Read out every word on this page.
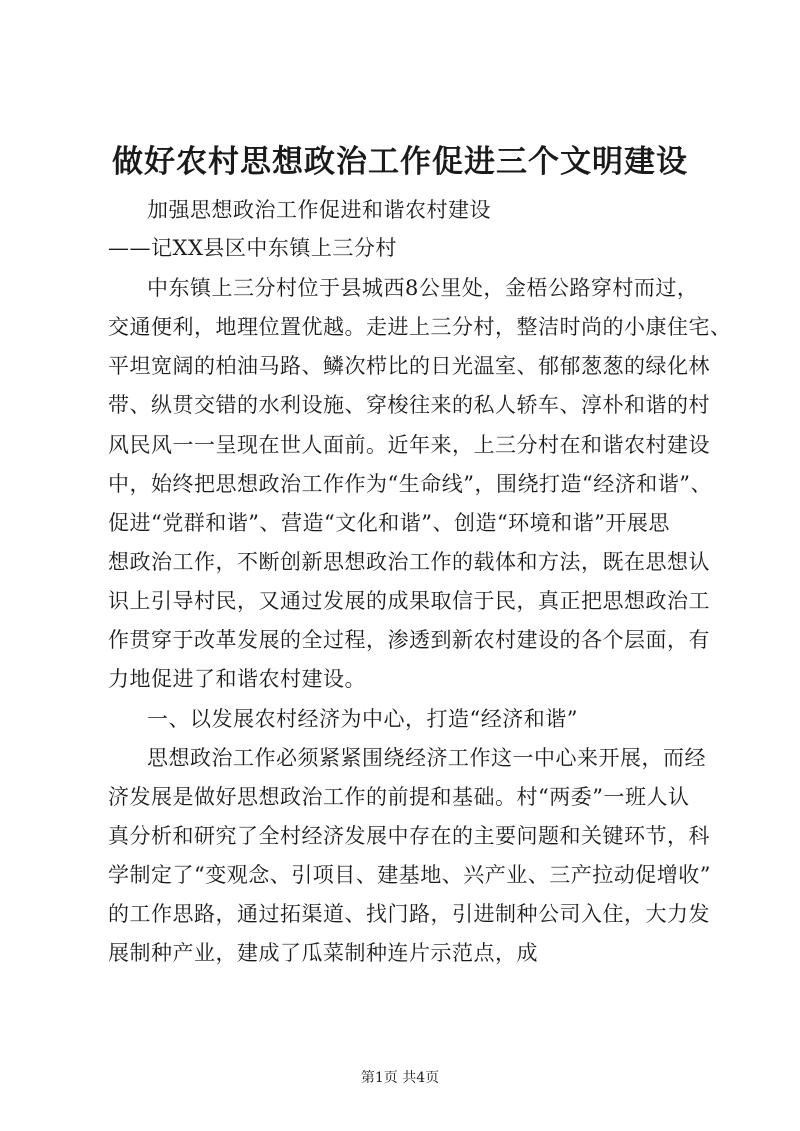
做好农村思想政治工作促进三个文明建设
加强思想政治工作促进和谐农村建设
——记XX县区中东镇上三分村
中东镇上三分村位于县城西8公里处，金梧公路穿村而过，
交通便利，地理位置优越。走进上三分村，整洁时尚的小康住宅、
平坦宽阔的柏油马路、鳞次栉比的日光温室、郁郁葱葱的绿化林
带、纵贯交错的水利设施、穿梭往来的私人轿车、淳朴和谐的村
风民风一一呈现在世人面前。近年来，上三分村在和谐农村建设
中，始终把思想政治工作作为“生命线”，围绕打造“经济和谐”、
促进“党群和谐”、营造“文化和谐”、创造“环境和谐”开展思
想政治工作，不断创新思想政治工作的载体和方法，既在思想认
识上引导村民，又通过发展的成果取信于民，真正把思想政治工
作贯穿于改革发展的全过程，渗透到新农村建设的各个层面，有
力地促进了和谐农村建设。
一、以发展农村经济为中心，打造“经济和谐”
思想政治工作必须紧紧围绕经济工作这一中心来开展，而经
济发展是做好思想政治工作的前提和基础。村“两委”一班人认
真分析和研究了全村经济发展中存在的主要问题和关键环节，科
学制定了“变观念、引项目、建基地、兴产业、三产拉动促增收”
的工作思路，通过拓渠道、找门路，引进制种公司入住，大力发
展制种产业，建成了瓜菜制种连片示范点，成
第1页 共4页
